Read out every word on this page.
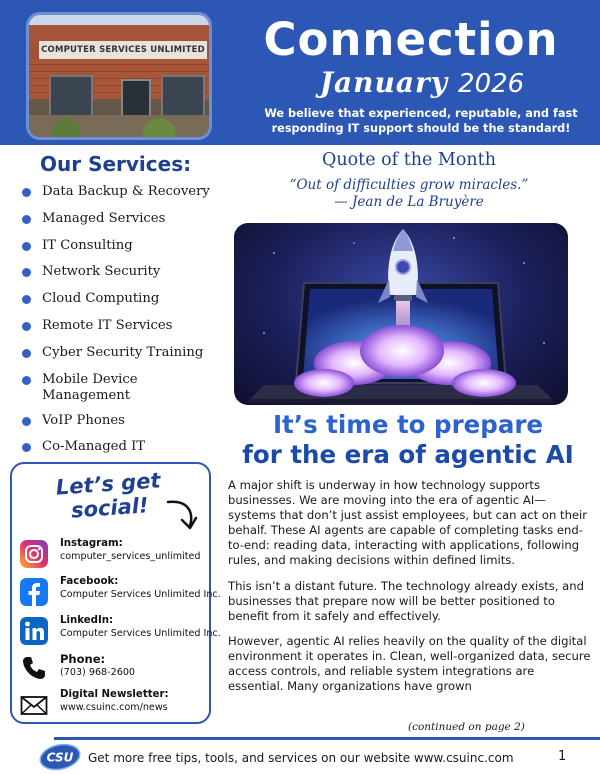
COMPUTER SERVICES UNLIMITED	Connection
January 2026
We believe that experienced, reputable, and fast
responding IT support should be the standard!
Our Services:
Data Backup & Recovery
Managed Services
IT Consulting
Network Security
Cloud Computing
Remote IT Services
Cyber Security Training
Mobile Device Management
VoIP Phones
Co-Managed IT
Let’s get
social!
Instagram:
computer_services_unlimited
Facebook:
Computer Services Unlimited Inc.
LinkedIn:
Computer Services Unlimited Inc.
Phone:
(703) 968-2600
Digital Newsletter:
www.csuinc.com/news
Quote of the Month
“Out of difficulties grow miracles.”
— Jean de La Bruyère
It’s time to prepare
for the era of agentic AI

A major shift is underway in how technology supports businesses. We are moving into the era of agentic AI—systems that don’t just assist employees, but can act on their behalf. These AI agents are capable of completing tasks end-to-end: reading data, interacting with applications, following rules, and making decisions within defined limits.

This isn’t a distant future. The technology already exists, and businesses that prepare now will be better positioned to benefit from it safely and effectively.

However, agentic AI relies heavily on the quality of the digital environment it operates in. Clean, well-organized data, secure access controls, and reliable system integrations are essential. Many organizations have grown

(continued on page 2)
CSU Get more free tips, tools, and services on our website www.csuinc.com	1
